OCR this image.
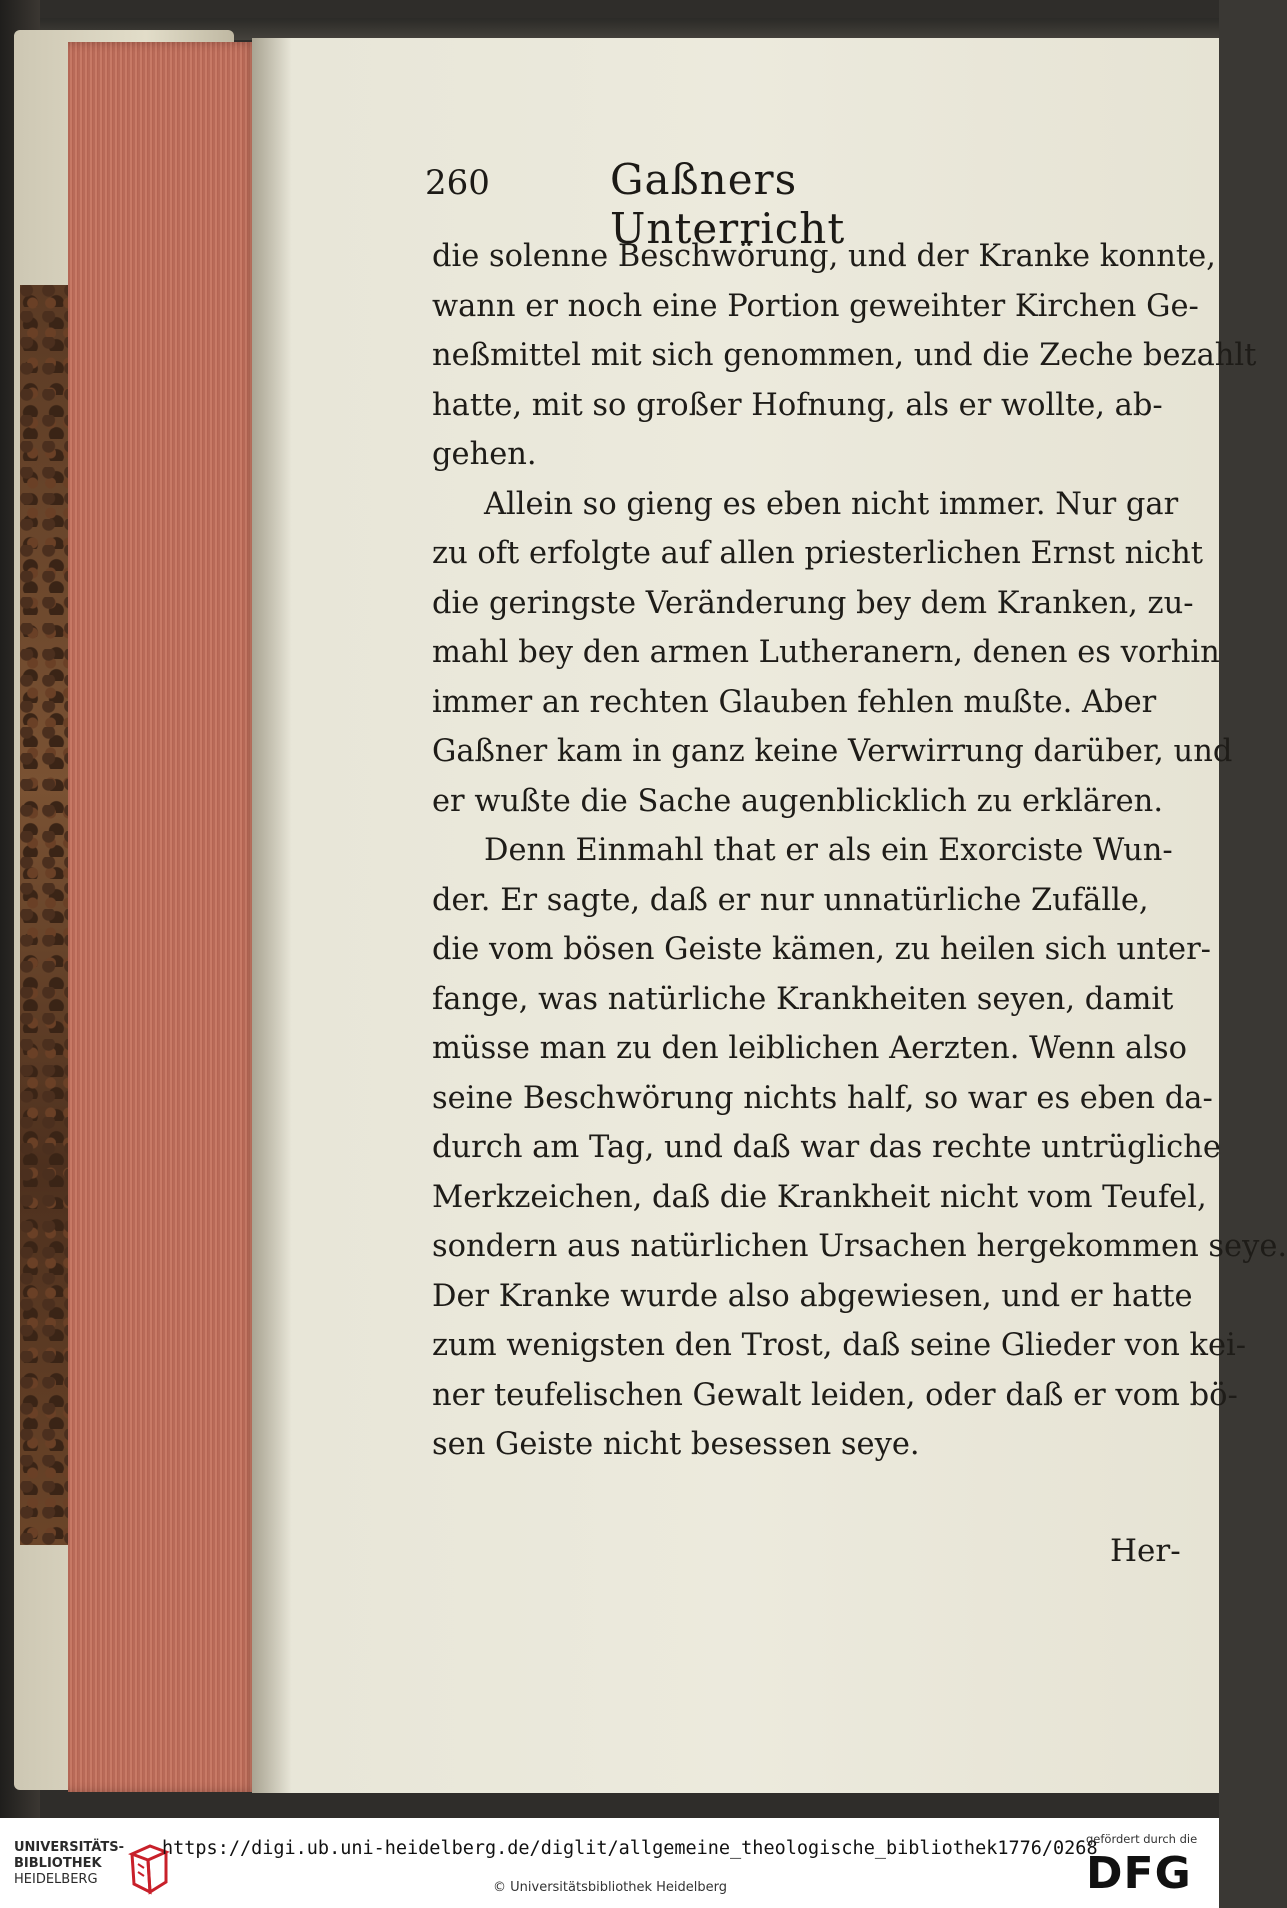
260	Gaßners Unterricht

die solenne Beschwörung, und der Kranke konnte,
wann er noch eine Portion geweihter Kirchen Ge-
neßmittel mit sich genommen, und die Zeche bezahlt
hatte, mit so großer Hofnung, als er wollte, ab-
gehen.

Allein so gieng es eben nicht immer. Nur gar
zu oft erfolgte auf allen priesterlichen Ernst nicht
die geringste Veränderung bey dem Kranken, zu-
mahl bey den armen Lutheranern, denen es vorhin
immer an rechten Glauben fehlen mußte. Aber
Gaßner kam in ganz keine Verwirrung darüber, und
er wußte die Sache augenblicklich zu erklären.

Denn Einmahl that er als ein Exorciste Wun-
der. Er sagte, daß er nur unnatürliche Zufälle,
die vom bösen Geiste kämen, zu heilen sich unter-
fange, was natürliche Krankheiten seyen, damit
müsse man zu den leiblichen Aerzten. Wenn also
seine Beschwörung nichts half, so war es eben da-
durch am Tag, und daß war das rechte untrügliche
Merkzeichen, daß die Krankheit nicht vom Teufel,
sondern aus natürlichen Ursachen hergekommen seye.
Der Kranke wurde also abgewiesen, und er hatte
zum wenigsten den Trost, daß seine Glieder von kei-
ner teufelischen Gewalt leiden, oder daß er vom bö-
sen Geiste nicht besessen seye.

Her-
UNIVERSITÄTS-
BIBLIOTHEK
HEIDELBERG
https://digi.ub.uni-heidelberg.de/diglit/allgemeine_theologische_bibliothek1776/0268
© Universitätsbibliothek Heidelberg
gefördert durch die
DFG
